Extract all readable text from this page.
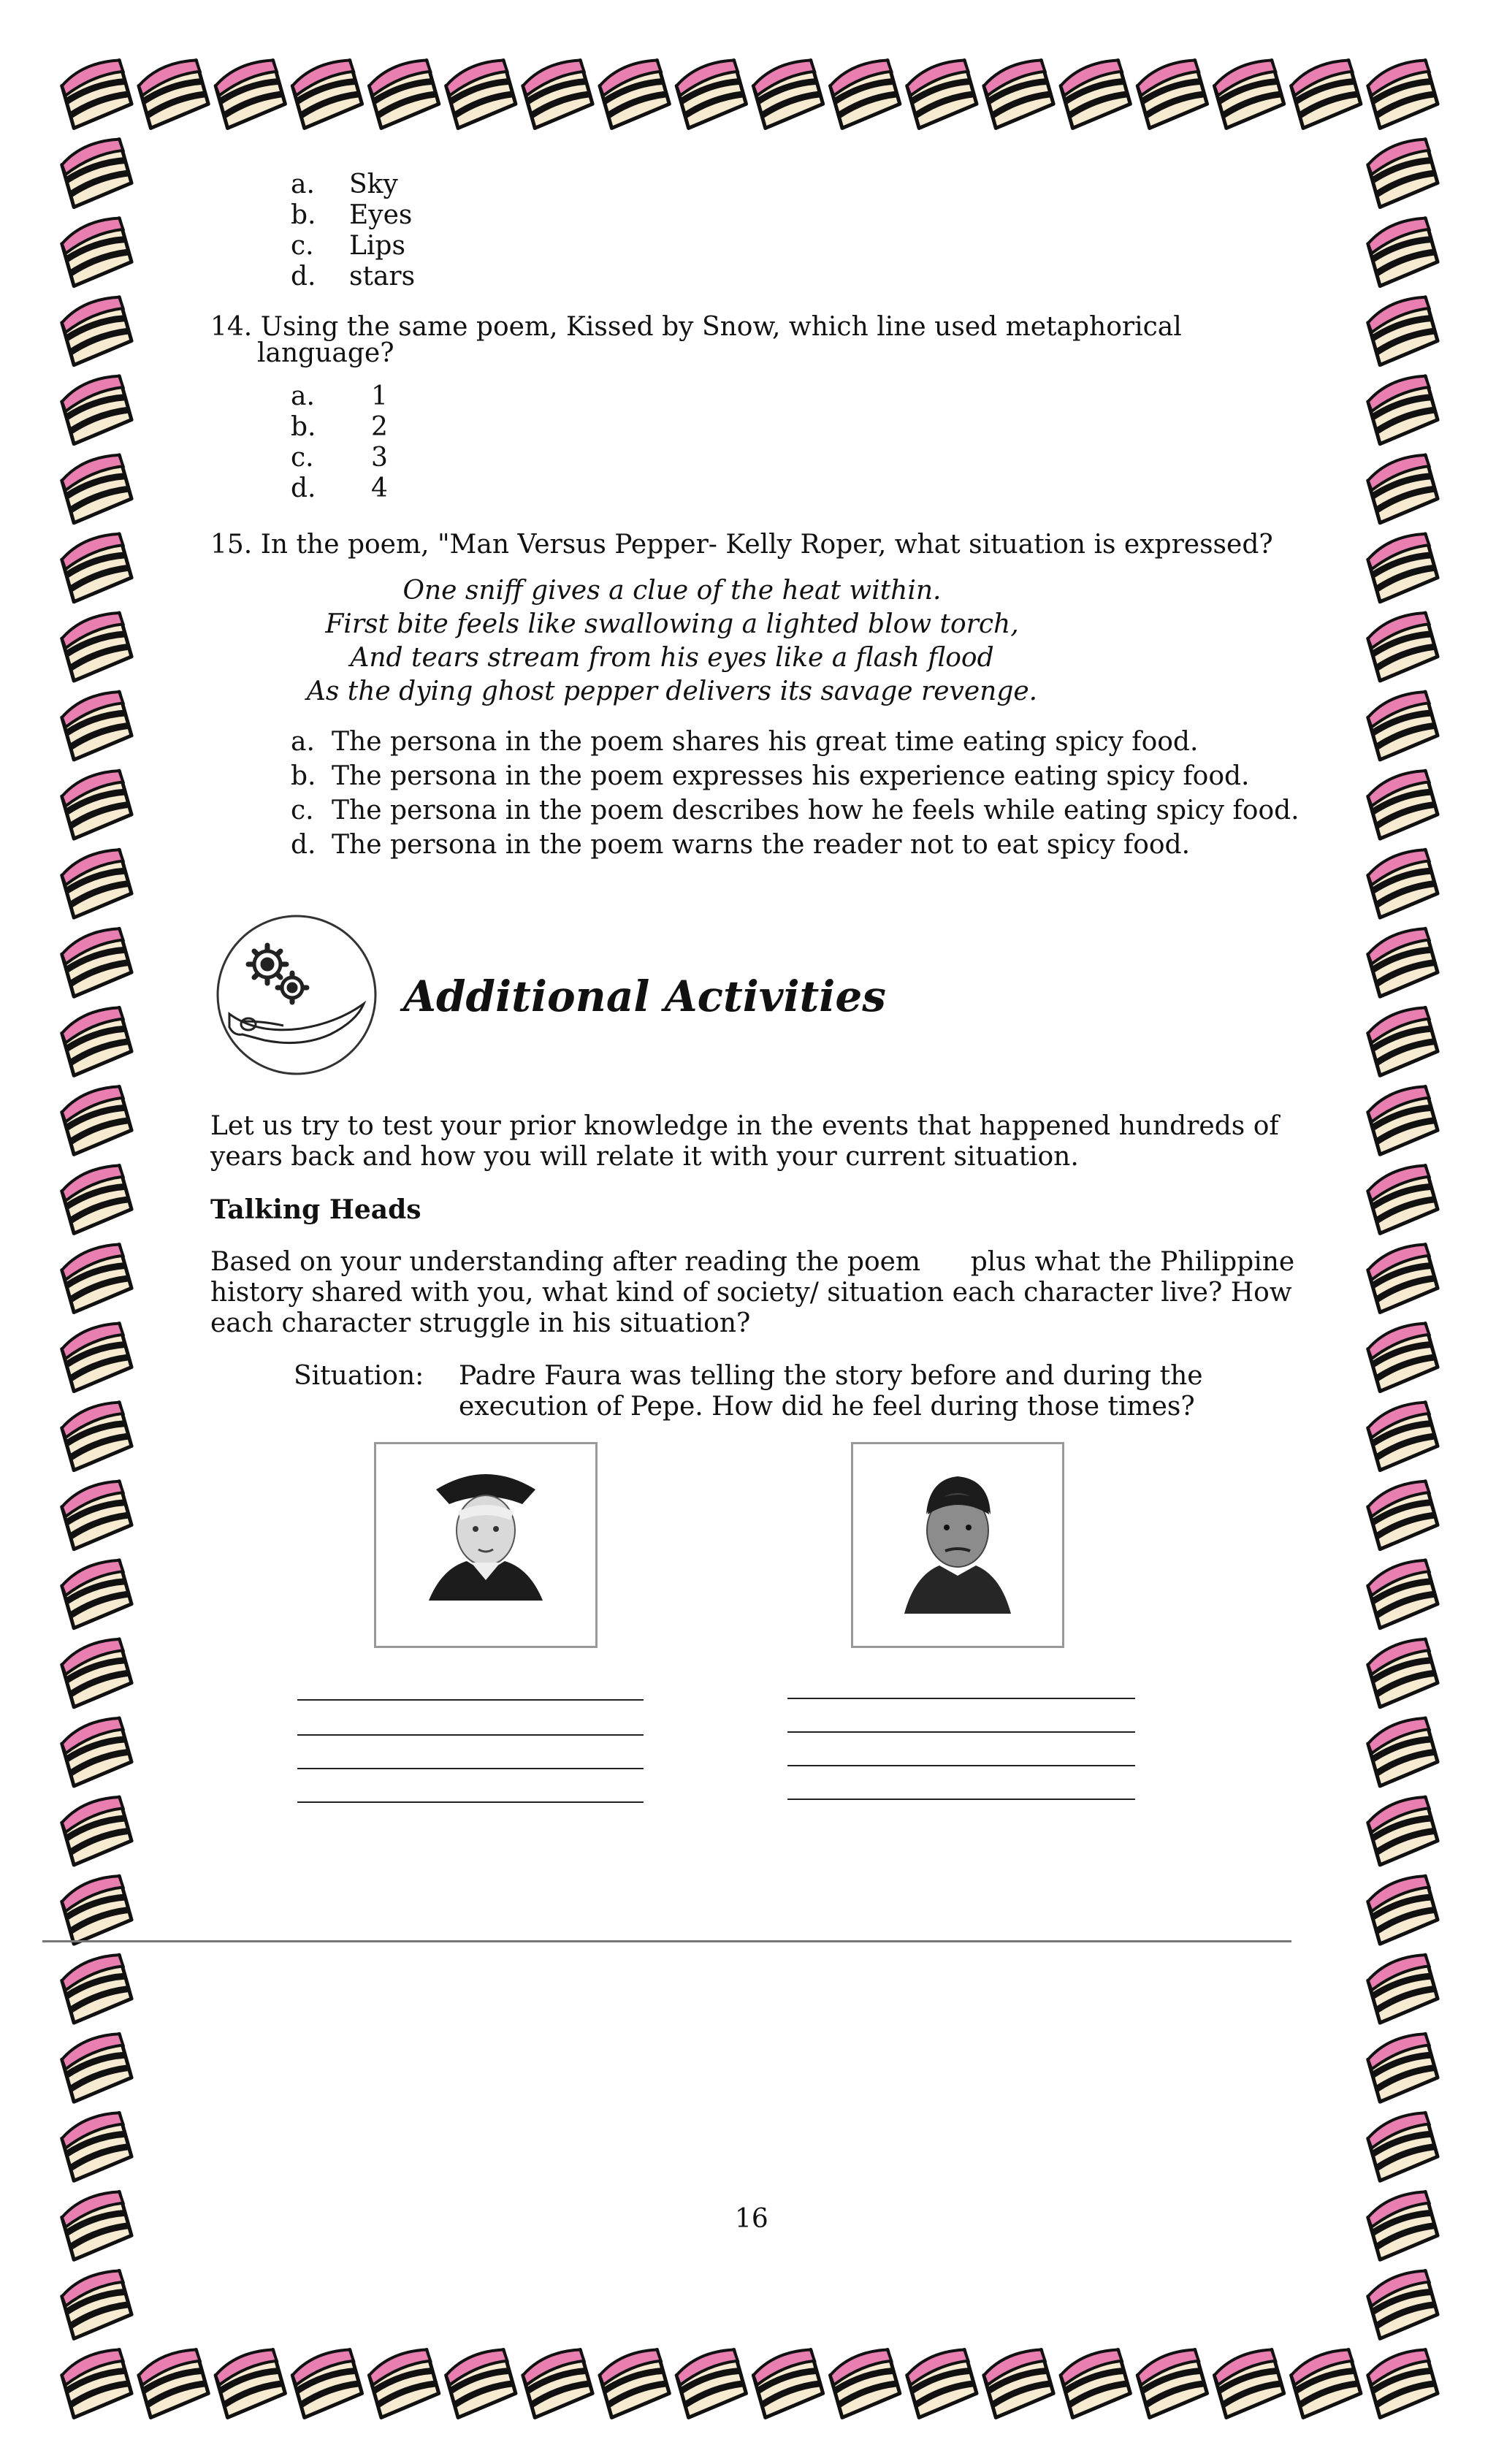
a. Sky
b. Eyes
c. Lips
d. stars
14. Using the same poem, Kissed by Snow, which line used metaphorical
language?
a. 1
b. 2
c. 3
d. 4
15. In the poem, "Man Versus Pepper- Kelly Roper, what situation is expressed?
One sniff gives a clue of the heat within.
First bite feels like swallowing a lighted blow torch,
And tears stream from his eyes like a flash flood
As the dying ghost pepper delivers its savage revenge.
a. The persona in the poem shares his great time eating spicy food.
b. The persona in the poem expresses his experience eating spicy food.
c. The persona in the poem describes how he feels while eating spicy food.
d. The persona in the poem warns the reader not to eat spicy food.
Additional Activities
Let us try to test your prior knowledge in the events that happened hundreds of
years back and how you will relate it with your current situation.
Talking Heads
Based on your understanding after reading the poem      plus what the Philippine
history shared with you, what kind of society/ situation each character live? How
each character struggle in his situation?
Situation: Padre Faura was telling the story before and during the
execution of Pepe. How did he feel during those times?
16
